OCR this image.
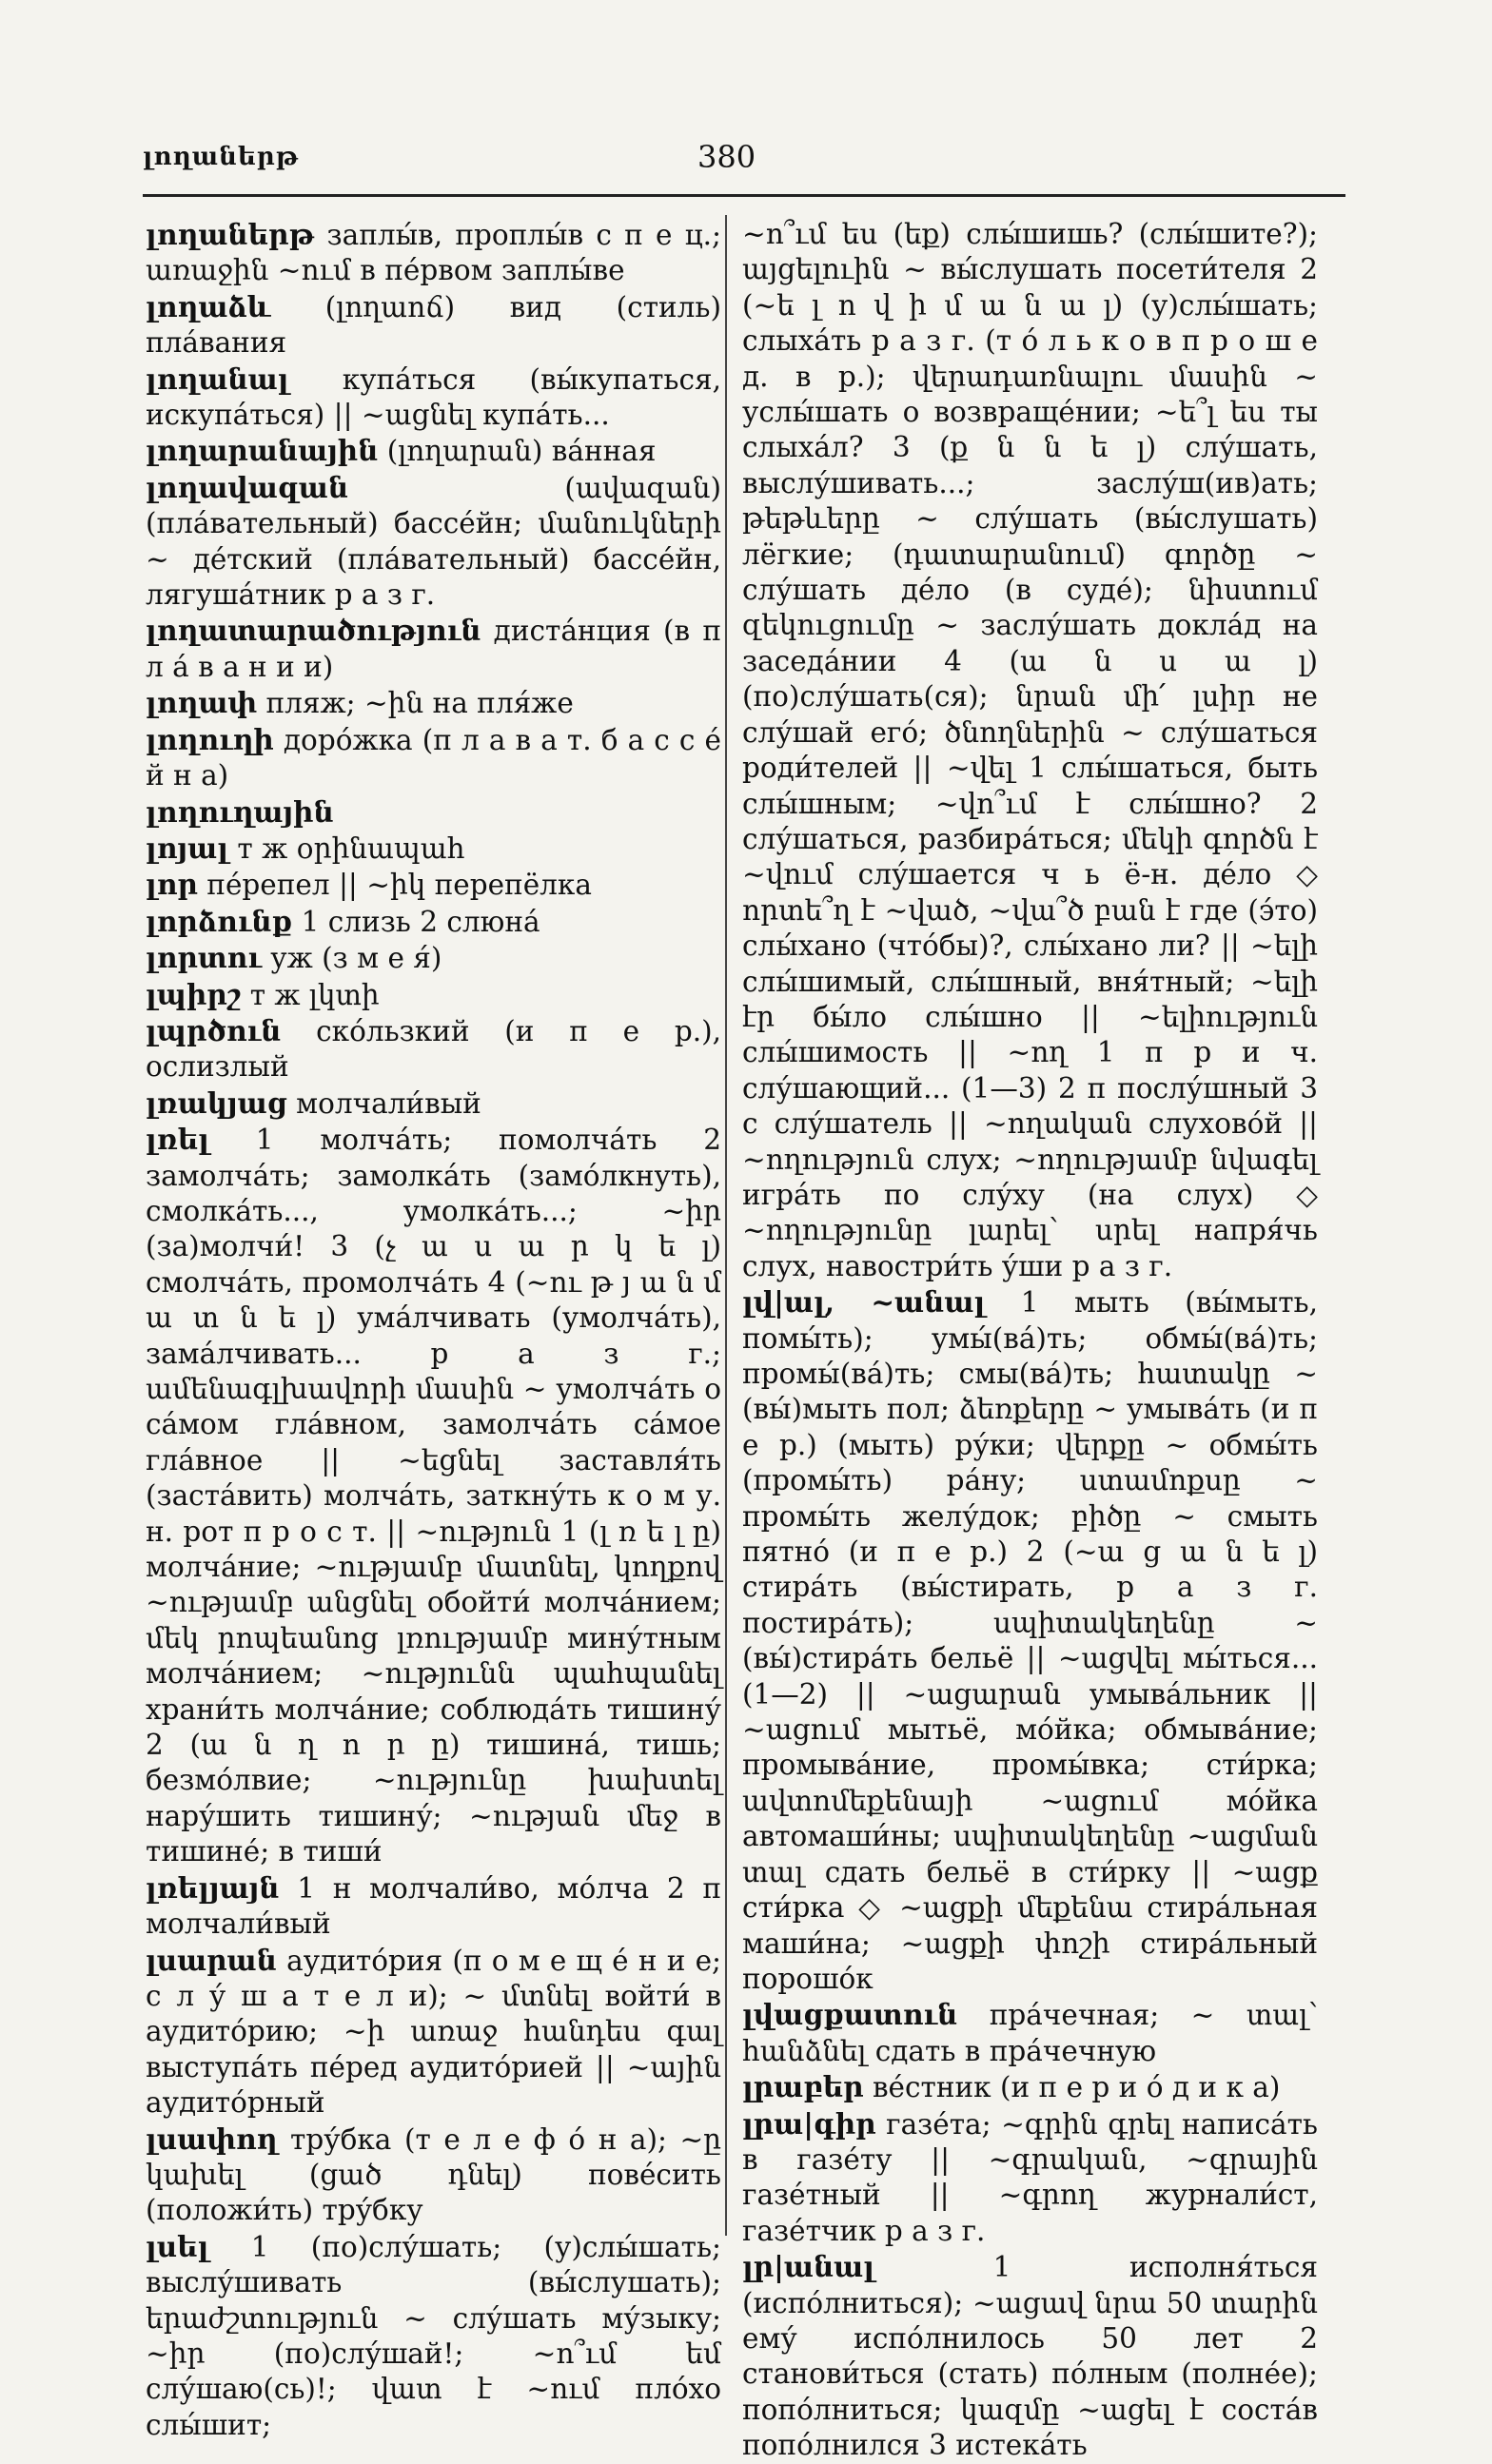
լողաներթ	380

լողաներթ заплы́в, проплы́в с п е ц.; առաջին ~ում в пе́рвом заплы́ве

լողաձև (լողաոճ) вид (стиль) пла́вания

լողանալ купа́ться (вы́купаться, искупа́ться) || ~ացնել купа́ть...

լողարանային (լողարան) ва́нная

լողավազան	(ավազան) (пла́вательный) бассе́йн; մանուկների ~ де́тский (пла́вательный) бассе́йн, лягуша́тник р а з г.

լողատարածություն диста́нция (в п л а́ в а н и и)

լողափ пляж; ~ին на пля́же

լողուղի доро́жка (п л а в а т. б а с с е́ й н а)

լողուղային

լոյալ т ж օրինապահ

լոր пе́репел || ~իկ перепёлка

լորձունք 1 слизь 2 слюна́

լորտու уж (з м е я́)

լպիրշ т ж լկտի

լպրծուն ско́льзкий (и п е р.), ослизлый

լռակյաց молчали́вый

լռել 1 молча́ть; помолча́ть 2 замолча́ть; замолка́ть (замо́лкнуть), смолка́ть..., умолка́ть...; ~իր (за)молчи́! 3 (չ ա ս ա ր կ ե լ) смолча́ть, промолча́ть 4 (~ու թ յ ա ն մ ա տ ն ե լ) ума́лчивать (умолча́ть), зама́лчивать... р а з г.; ամենագլխավորի մասին ~ умолча́ть о са́мом гла́вном, замолча́ть са́мое гла́вное || ~եցնել заставля́ть (заста́вить) молча́ть, заткну́ть к о м у. н. рот п р о с т. || ~ություն 1 (լ ռ ե լ ը) молча́ние; ~ությամբ մատնել, կողքով ~ությամբ անցնել обойти́ молча́нием; մեկ րոպեանոց լռությամբ мину́тным молча́нием; ~ությունն պահպանել храни́ть молча́ние; соблюда́ть тишину́ 2 (ա ն ղ ո ր ը) тишина́, тишь; безмо́лвие; ~ությունը խախտել нару́шить тишину́; ~ության մեջ в тишине́; в тиши́

լռելյայն 1 н молчали́во, мо́лча 2 п молчали́вый

լսարան аудито́рия (п о м е щ е́ н и е; с л у́ ш а т е л и); ~ մտնել войти́ в аудито́рию; ~ի առաջ հանդես գալ выступа́ть пе́ред аудито́рией || ~ային аудито́рный

լսափող тру́бка (т е л е ф о́ н а); ~ը կախել (ցած դնել) пове́сить (положи́ть) тру́бку

լսել 1 (по)слу́шать; (у)слы́шать; выслу́шивать (вы́слушать); երաժշտություն ~ слу́шать му́зыку; ~իր (по)слу́шай!; ~ո՞ւմ եմ слу́шаю(сь)!; վատ է ~ում пло́хо слы́шит;

~ո՞ւմ ես (եք) слы́шишь? (слы́шите?); այցելուին ~ вы́слушать посети́теля 2 (~ե լ ո վ ի մ ա ն ա լ) (у)слы́шать; слыха́ть р а з г. (т о́ л ь к о в п р о ш е д. в р.); վերադառնալու մասին ~ услы́шать о возвраще́нии; ~ե՞լ ես ты слыха́л? 3 (ք ն ն ե լ) слу́шать, выслу́шивать...; заслу́ш(ив)ать; թեթևերը ~ слу́шать (вы́слушать) лёгкие; (դատարանում) գործը ~ слу́шать де́ло (в суде́); նիստում զեկուցումը ~ заслу́шать докла́д на заседа́нии 4 (ա ն ս ա լ) (по)слу́шать(ся); նրան մի՛ լսիր не слу́шай его́; ծնողներին ~ слу́шаться роди́телей || ~վել 1 слы́шаться, быть слы́шным; ~վո՞ւմ է слы́шно? 2 слу́шаться, разбира́ться; մեկի գործն է ~վում слу́шается ч ь ё-н. де́ло ◇ որտե՞ղ է ~ված, ~վա՞ծ բան է где (э́то) слы́хано (что́бы)?, слы́хано ли? || ~ելի слы́шимый, слы́шный, вня́тный; ~ելի էր бы́ло слы́шно || ~ելիություն слы́шимость || ~ող 1 п р и ч. слу́шающий... (1—3) 2 п послу́шный 3 с слу́шатель || ~ողական слухово́й || ~ողություն слух; ~ողությամբ նվագել игра́ть по слу́ху (на слух) ◇ ~ողությունը լարել՝ սրել напря́чь слух, навостри́ть у́ши р а з г.

լվ|ալ, ~անալ 1 мыть (вы́мыть, помы́ть); умы́(ва́)ть; обмы́(ва́)ть; промы́(ва́)ть; смы(ва́)ть; հատակը ~ (вы́)мыть пол; ձեռքերը ~ умыва́ть (и п е р.) (мыть) ру́ки; վերքը ~ обмы́ть (промы́ть) ра́ну; ստամոքսը ~ промы́ть желу́док; բիծը ~ смыть пятно́ (и п е р.) 2 (~ա ց ա ն ե լ) стира́ть (вы́стирать, р а з г. постира́ть); սպիտակեղենը ~ (вы́)стира́ть бельё || ~ացվել мы́ться... (1—2) || ~ացարան умыва́льник || ~ացում мытьё, мо́йка; обмыва́ние; промыва́ние, промы́вка; сти́рка; ավտոմեքենայի ~ացում мо́йка автомаши́ны; սպիտակեղենը ~ացման տալ сдать бельё в сти́рку || ~ացք сти́рка ◇ ~ացքի մեքենա стира́льная маши́на; ~ացքի փոշի стира́льный порошо́к

լվացքատուն пра́чечная; ~ տալ՝ հանձնել сдать в пра́чечную

լրաբեր ве́стник (и п е р и о́ д и к а)

լրա|գիր газе́та; ~գրին գրել написа́ть в газе́ту || ~գրական, ~գրային газе́тный || ~գրող журнали́ст, газе́тчик р а з г.

լր|անալ	1 исполня́ться (испо́лниться); ~ացավ նրա 50 տարին ему́ испо́лнилось 50 лет 2 станови́ться (стать) по́лным (полне́е); попо́лниться; կազմը ~ացել է соста́в попо́лнился 3 истека́ть
